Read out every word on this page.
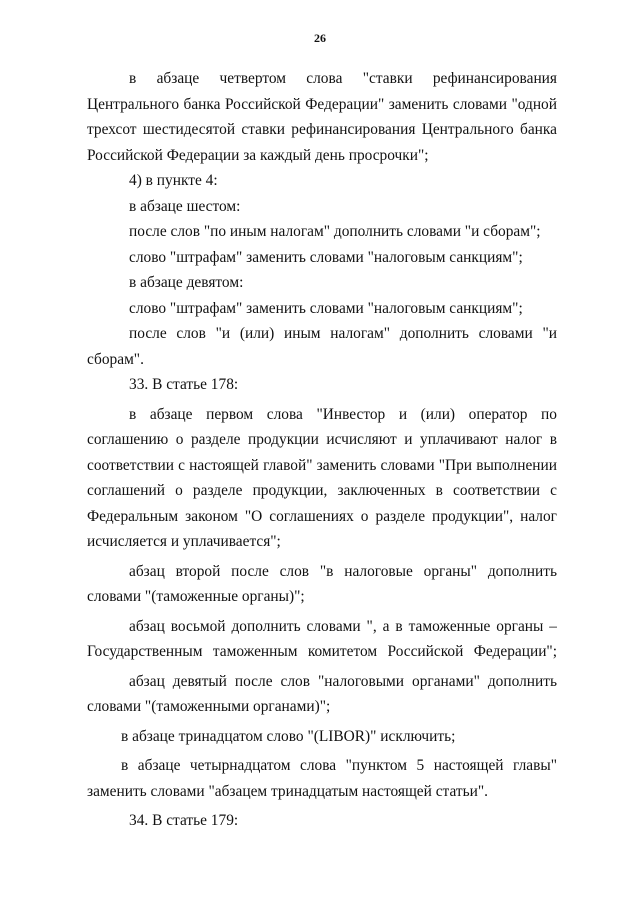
26
в абзаце четвертом слова "ставки рефинансирования
Центрального банка Российской Федерации" заменить словами "одной
трехсот шестидесятой ставки рефинансирования Центрального банка
Российской Федерации за каждый день просрочки";
4) в пункте 4:
в абзаце шестом:
после слов "по иным налогам" дополнить словами "и сборам";
слово "штрафам" заменить словами "налоговым санкциям";
в абзаце девятом:
слово "штрафам" заменить словами "налоговым санкциям";
после слов "и (или) иным налогам" дополнить словами "и
сборам".
33. В статье 178:
в абзаце первом слова "Инвестор и (или) оператор по
соглашению о разделе продукции исчисляют и уплачивают налог в
соответствии с настоящей главой" заменить словами "При выполнении
соглашений о разделе продукции, заключенных в соответствии с
Федеральным законом "О соглашениях о разделе продукции", налог
исчисляется и уплачивается";
абзац второй после слов "в налоговые органы" дополнить
словами "(таможенные органы)";
абзац восьмой дополнить словами ", а в таможенные органы –
Государственным таможенным комитетом Российской Федерации";
абзац девятый после слов "налоговыми органами" дополнить
словами "(таможенными органами)";
в абзаце тринадцатом слово "(LIBOR)" исключить;
в абзаце четырнадцатом слова "пунктом 5 настоящей главы"
заменить словами "абзацем тринадцатым настоящей статьи".
34. В статье 179:
